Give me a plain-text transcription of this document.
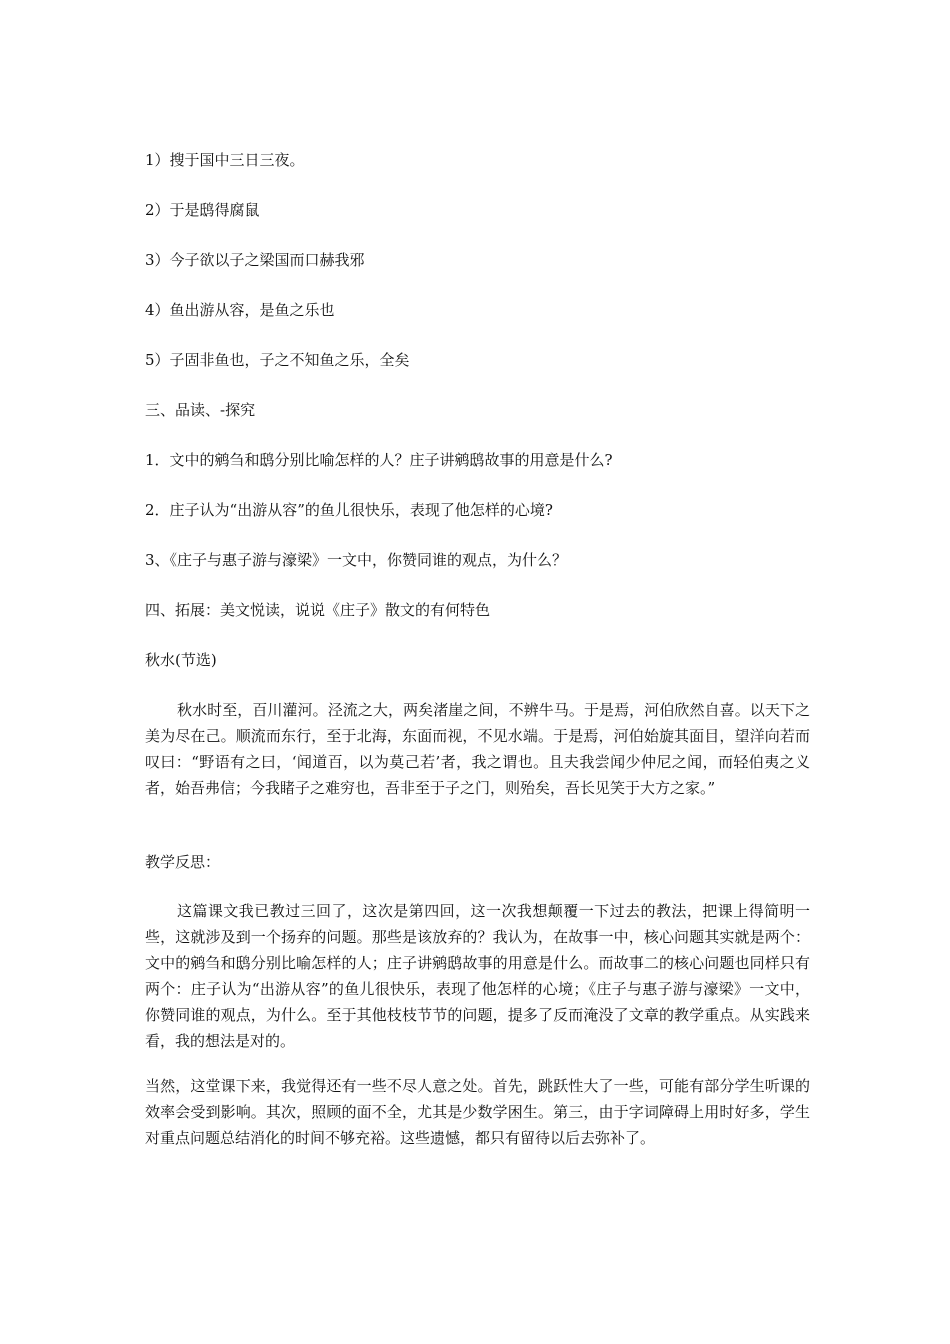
1）搜于国中三日三夜。

2）于是鸱得腐鼠

3）今子欲以子之梁国而口赫我邪

4）鱼出游从容，是鱼之乐也

5）子固非鱼也，子之不知鱼之乐，全矣

三、品读、-探究

1．文中的鹓刍和鸱分别比喻怎样的人？庄子讲鹓鸱故事的用意是什么?

2．庄子认为“出游从容”的鱼儿很快乐，表现了他怎样的心境?

3、《庄子与惠子游与濠梁》一文中，你赞同谁的观点，为什么？

四、拓展：美文悦读，说说《庄子》散文的有何特色

秋水(节选)

秋水时至，百川灌河。泾流之大，两矣渚崖之间，不辨牛马。于是焉，河伯欣然自喜。以天下之美为尽在己。顺流而东行，至于北海，东面而视，不见水端。于是焉，河伯始旋其面目，望洋向若而叹曰：“野语有之曰，‘闻道百，以为莫己若’者，我之谓也。且夫我尝闻少仲尼之闻，而轻伯夷之义者，始吾弗信；今我睹子之难穷也，吾非至于子之门，则殆矣，吾长见笑于大方之家。”

教学反思：

这篇课文我已教过三回了，这次是第四回，这一次我想颠覆一下过去的教法，把课上得简明一些，这就涉及到一个扬弃的问题。那些是该放弃的？我认为，在故事一中，核心问题其实就是两个：文中的鹓刍和鸱分别比喻怎样的人；庄子讲鹓鸱故事的用意是什么。而故事二的核心问题也同样只有两个：庄子认为“出游从容”的鱼儿很快乐，表现了他怎样的心境；《庄子与惠子游与濠梁》一文中，你赞同谁的观点，为什么。至于其他枝枝节节的问题，提多了反而淹没了文章的教学重点。从实践来看，我的想法是对的。

当然，这堂课下来，我觉得还有一些不尽人意之处。首先，跳跃性大了一些，可能有部分学生听课的效率会受到影响。其次，照顾的面不全，尤其是少数学困生。第三，由于字词障碍上用时好多，学生对重点问题总结消化的时间不够充裕。这些遗憾，都只有留待以后去弥补了。
